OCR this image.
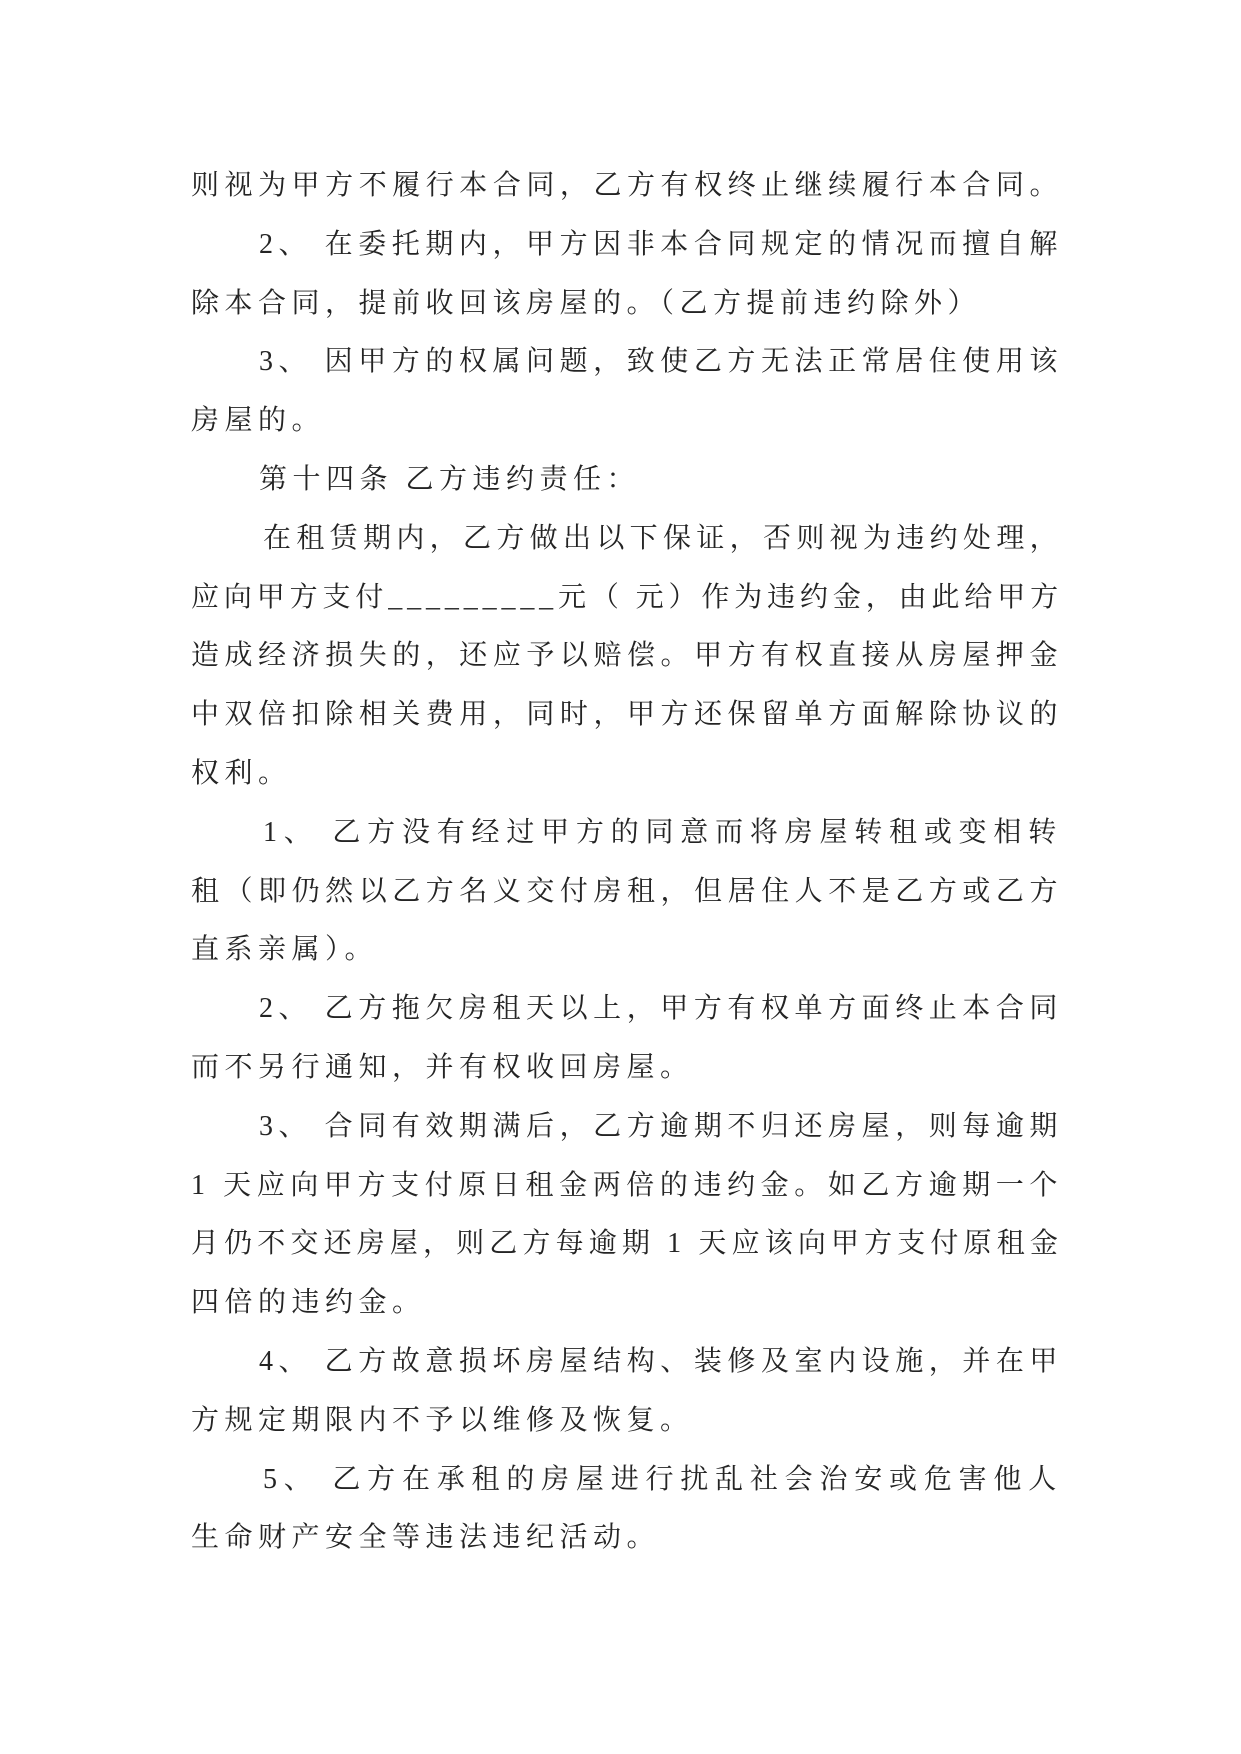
则视为甲方不履行本合同，乙方有权终止继续履行本合同。
2、 在委托期内，甲方因非本合同规定的情况而擅自解
除本合同，提前收回该房屋的。（乙方提前违约除外）
3、 因甲方的权属问题，致使乙方无法正常居住使用该
房屋的。
第十四条 乙方违约责任：
在租赁期内，乙方做出以下保证，否则视为违约处理，
应向甲方支付_________元（ 元）作为违约金，由此给甲方
造成经济损失的，还应予以赔偿。甲方有权直接从房屋押金
中双倍扣除相关费用，同时，甲方还保留单方面解除协议的
权利。
1、 乙方没有经过甲方的同意而将房屋转租或变相转
租（即仍然以乙方名义交付房租，但居住人不是乙方或乙方
直系亲属）。
2、 乙方拖欠房租天以上，甲方有权单方面终止本合同
而不另行通知，并有权收回房屋。
3、 合同有效期满后，乙方逾期不归还房屋，则每逾期
1 天应向甲方支付原日租金两倍的违约金。如乙方逾期一个
月仍不交还房屋，则乙方每逾期 1 天应该向甲方支付原租金
四倍的违约金。
4、 乙方故意损坏房屋结构、装修及室内设施，并在甲
方规定期限内不予以维修及恢复。
5、 乙方在承租的房屋进行扰乱社会治安或危害他人
生命财产安全等违法违纪活动。
